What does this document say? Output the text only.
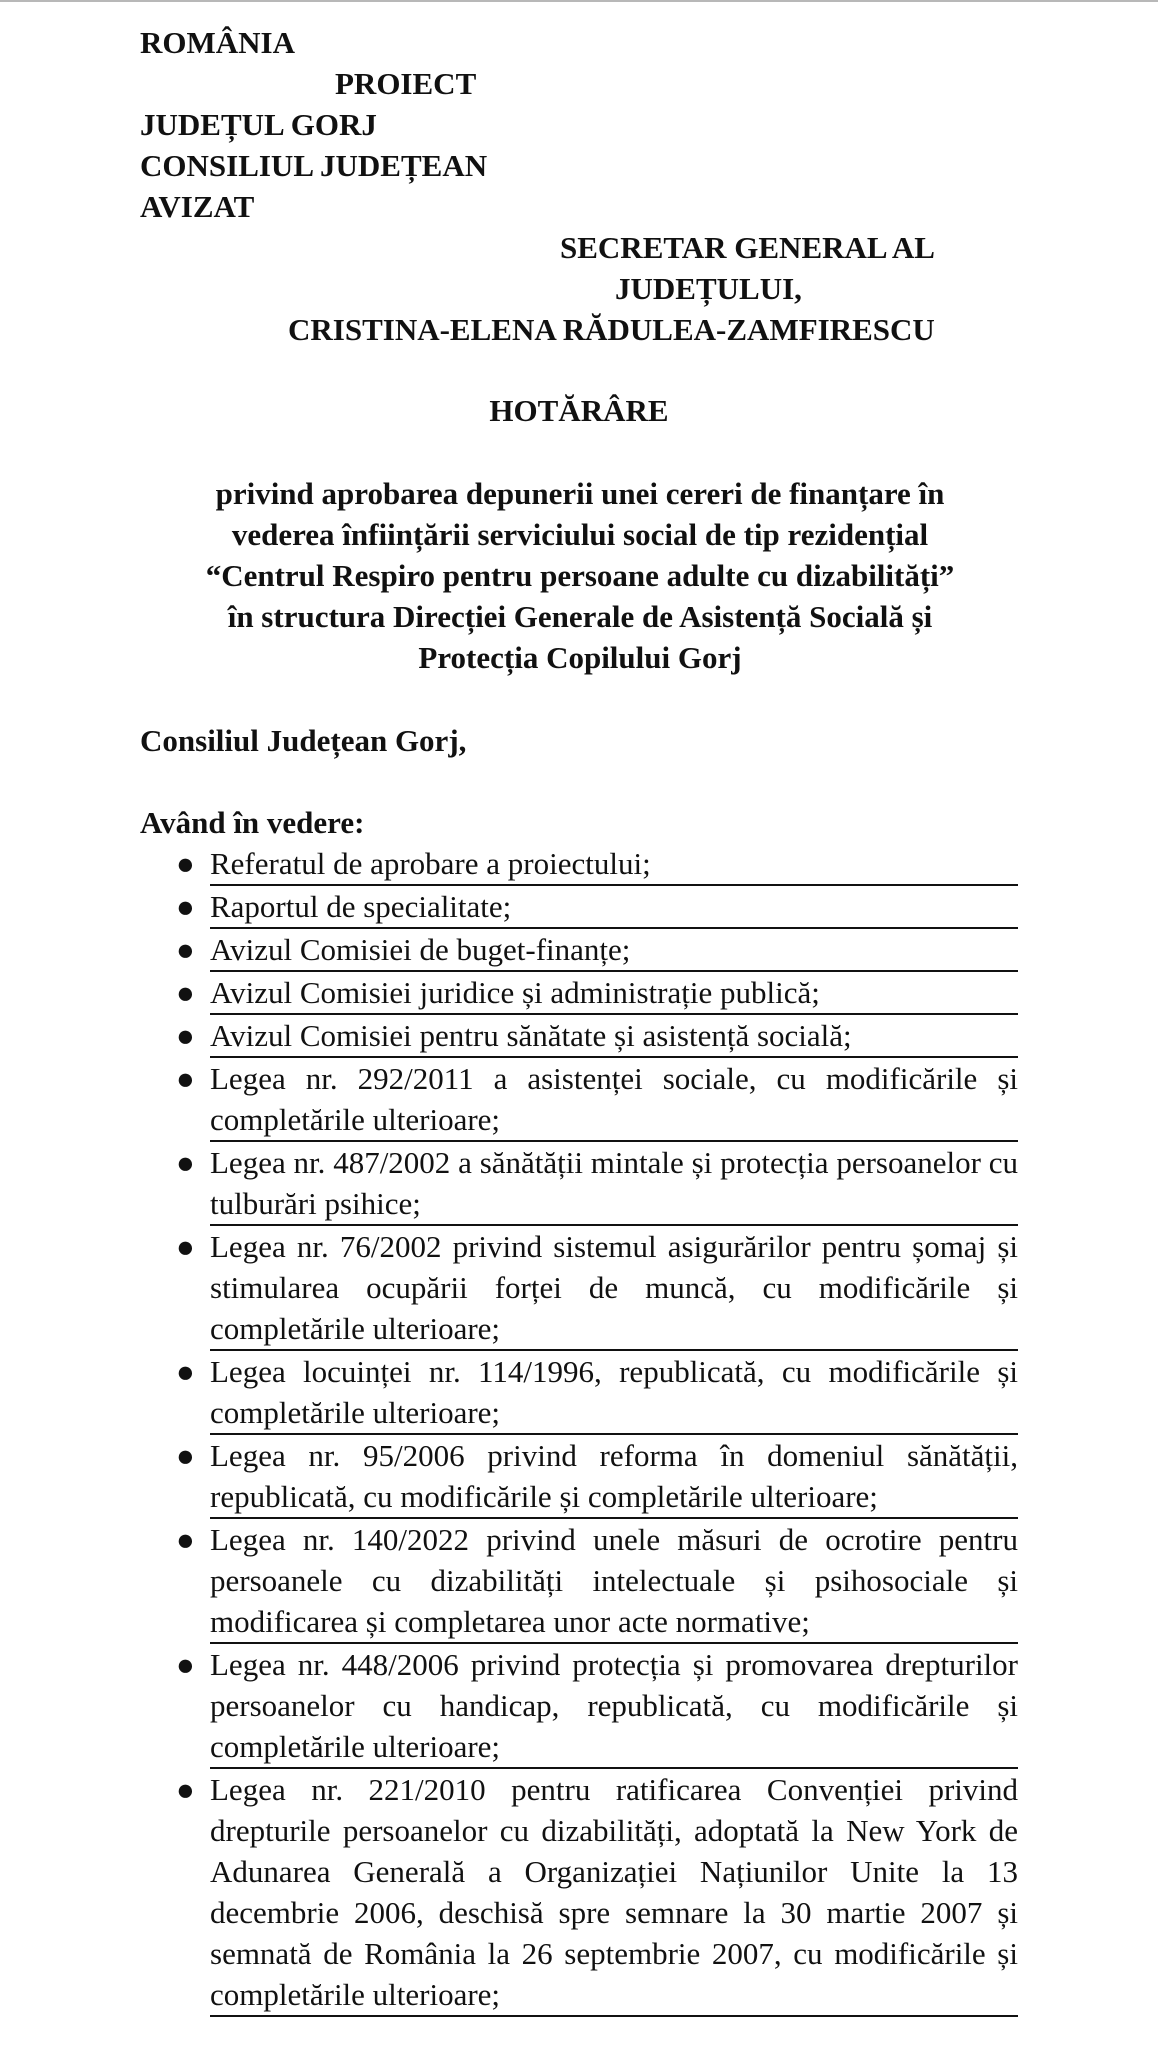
ROMÂNIA
PROIECT
JUDEȚUL GORJ
CONSILIUL JUDEȚEAN
AVIZAT
SECRETAR GENERAL AL
JUDEȚULUI,
CRISTINA-ELENA RĂDULEA-ZAMFIRESCU
HOTĂRÂRE
privind aprobarea depunerii unei cereri de finanțare în
vederea înființării serviciului social de tip rezidențial
“Centrul Respiro pentru persoane adulte cu dizabilități”
în structura Direcției Generale de Asistență Socială și
Protecția Copilului Gorj
Consiliul Județean Gorj,
Având în vedere:
● Referatul de aprobare a proiectului;
● Raportul de specialitate;
● Avizul Comisiei de buget-finanțe;
● Avizul Comisiei juridice și administrație publică;
● Avizul Comisiei pentru sănătate și asistență socială;
● Legea nr. 292/2011 a asistenței sociale, cu modificările și completările ulterioare;
● Legea nr. 487/2002 a sănătății mintale și protecția persoanelor cu tulburări psihice;
● Legea nr. 76/2002 privind sistemul asigurărilor pentru șomaj și stimularea ocupării forței de muncă, cu modificările și completările ulterioare;
● Legea locuinței nr. 114/1996, republicată, cu modificările și completările ulterioare;
● Legea nr. 95/2006 privind reforma în domeniul sănătății, republicată, cu modificările și completările ulterioare;
● Legea nr. 140/2022 privind unele măsuri de ocrotire pentru persoanele cu dizabilități intelectuale și psihosociale și modificarea și completarea unor acte normative;
● Legea nr. 448/2006 privind protecția și promovarea drepturilor persoanelor cu handicap, republicată, cu modificările și completările ulterioare;
● Legea nr. 221/2010 pentru ratificarea Convenției privind drepturile persoanelor cu dizabilități, adoptată la New York de Adunarea Generală a Organizației Națiunilor Unite la 13 decembrie 2006, deschisă spre semnare la 30 martie 2007 și semnată de România la 26 septembrie 2007, cu modificările și completările ulterioare;
